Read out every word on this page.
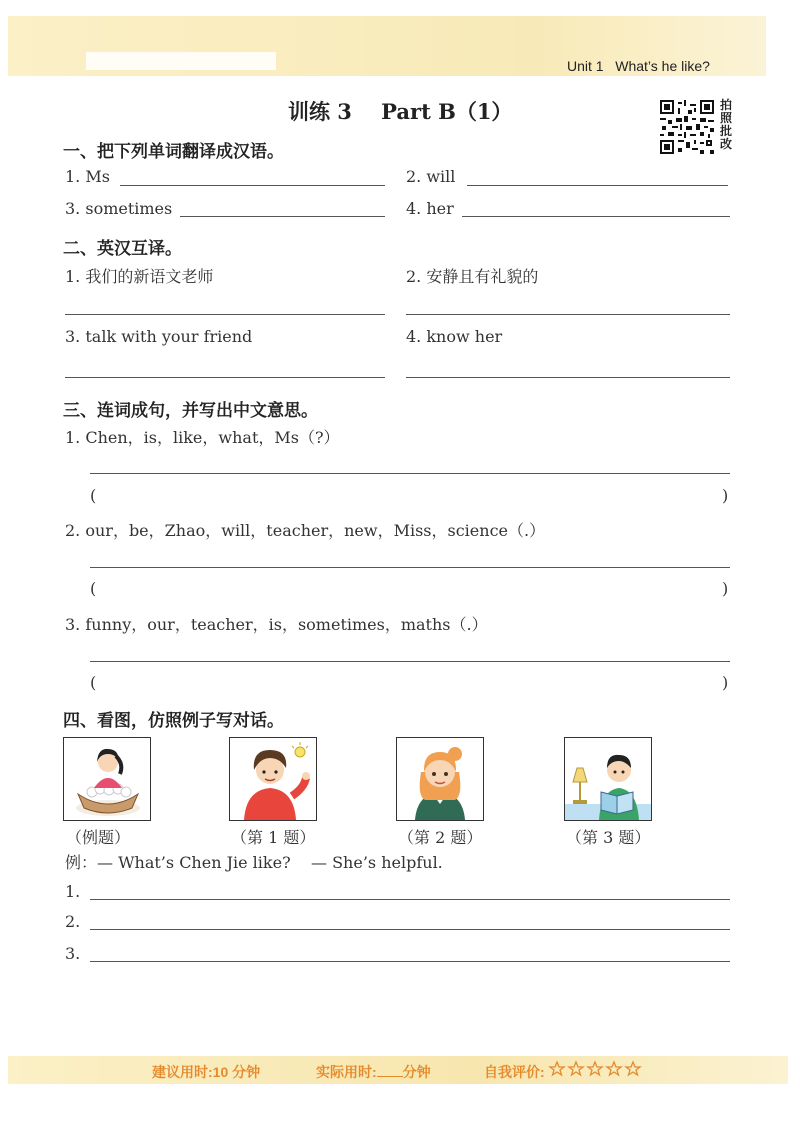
Unit 1 What’s he like?
训练 3    Part B（1）	拍
照
批
改
一、把下列单词翻译成汉语。
1. Ms	2. will
3. sometimes	4. her
二、英汉互译。
1. 我们的新语文老师	2. 安静且有礼貌的
3. talk with your friend	4. know her
三、连词成句，并写出中文意思。
1. Chen，is，like，what，Ms（?）
(	)
2. our，be，Zhao，will，teacher，new，Miss，science（.）
(	)
3. funny，our，teacher，is，sometimes，maths（.）
(	)
四、看图，仿照例子写对话。
（例题）	（第 1 题）	（第 2 题）	（第 3 题）
例：— What’s Chen Jie like?    — She’s helpful.
1.
2.
3.
建议用时:10 分钟	实际用时: 分钟	自我评价:
